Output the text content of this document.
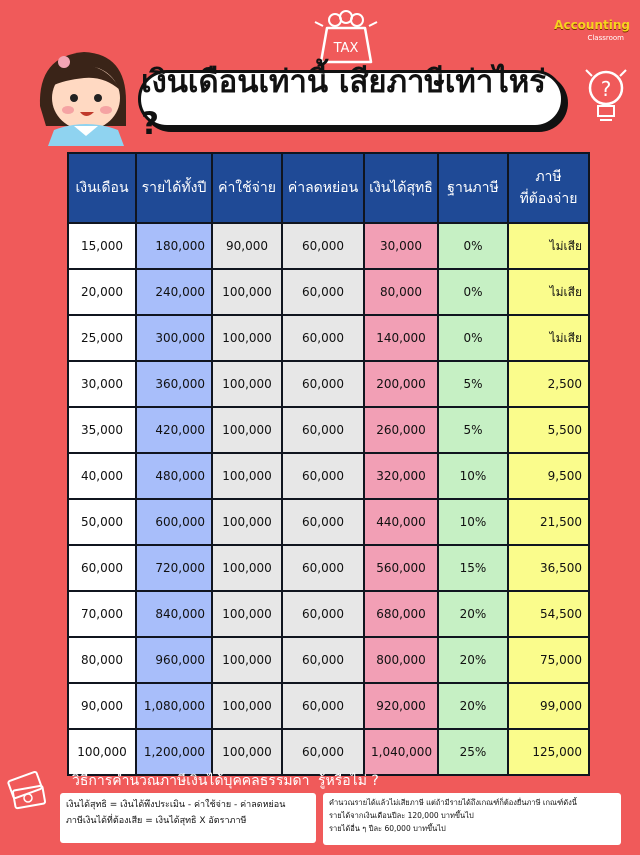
TAX
Accounting
Classroom
เงินเดือนเท่านี้ เสียภาษีเท่าไหร่ ?
?
เงินเดือน	รายได้ทั้งปี	ค่าใช้จ่าย	ค่าลดหย่อน	เงินได้สุทธิ	ฐานภาษี	ภาษี
ที่ต้องจ่าย
15,000	180,000	90,000	60,000	30,000	0%	ไม่เสีย
20,000	240,000	100,000	60,000	80,000	0%	ไม่เสีย
25,000	300,000	100,000	60,000	140,000	0%	ไม่เสีย
30,000	360,000	100,000	60,000	200,000	5%	2,500
35,000	420,000	100,000	60,000	260,000	5%	5,500
40,000	480,000	100,000	60,000	320,000	10%	9,500
50,000	600,000	100,000	60,000	440,000	10%	21,500
60,000	720,000	100,000	60,000	560,000	15%	36,500
70,000	840,000	100,000	60,000	680,000	20%	54,500
80,000	960,000	100,000	60,000	800,000	20%	75,000
90,000	1,080,000	100,000	60,000	920,000	20%	99,000
100,000	1,200,000	100,000	60,000	1,040,000	25%	125,000
วิธีการคำนวณภาษีเงินได้บุคคลธรรมดา รู้หรือไม่ ?
เงินได้สุทธิ = เงินได้พึงประเมิน - ค่าใช้จ่าย - ค่าลดหย่อน
ภาษีเงินได้ที่ต้องเสีย = เงินได้สุทธิ X อัตราภาษี
คำนวณรายได้แล้วไม่เสียภาษี แต่ถ้ามีรายได้ถึงเกณฑ์ก็ต้องยื่นภาษี เกณฑ์ดังนี้
รายได้จากเงินเดือนปีละ 120,000 บาทขึ้นไป
รายได้อื่น ๆ ปีละ 60,000 บาทขึ้นไป
